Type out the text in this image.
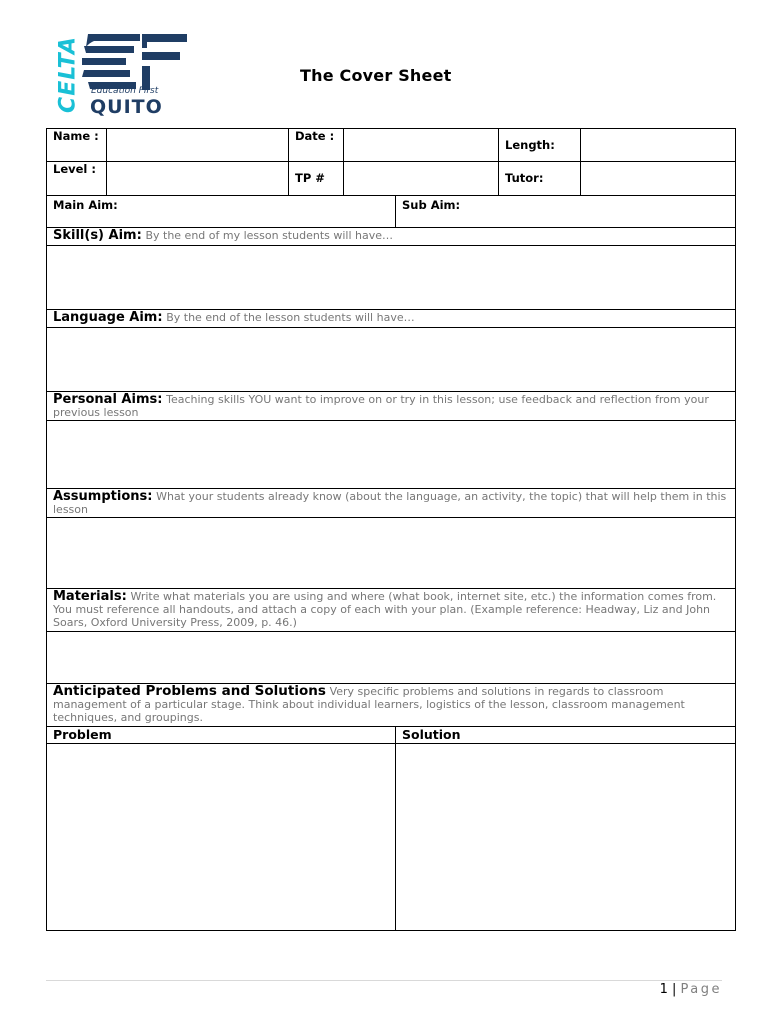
CELTA Education First
QUITO
The Cover Sheet
Name :		Date :			Length:	
Level :		TP #			Tutor:	
Main Aim:				Sub Aim:		
Skill(s) Aim: By the end of my lesson students will have…						

Language Aim: By the end of the lesson students will have…						

Personal Aims: Teaching skills YOU want to improve on or try in this lesson; use feedback and reflection from your previous lesson						

Assumptions: What your students already know (about the language, an activity, the topic) that will help them in this lesson						

Materials: Write what materials you are using and where (what book, internet site, etc.) the information comes from. You must reference all handouts, and attach a copy of each with your plan. (Example reference: Headway, Liz and John Soars, Oxford University Press, 2009, p. 46.)						

Anticipated Problems and Solutions Very specific problems and solutions in regards to classroom management of a particular stage. Think about individual learners, logistics of the lesson, classroom management techniques, and groupings.						
Problem				Solution		

1 | Page
